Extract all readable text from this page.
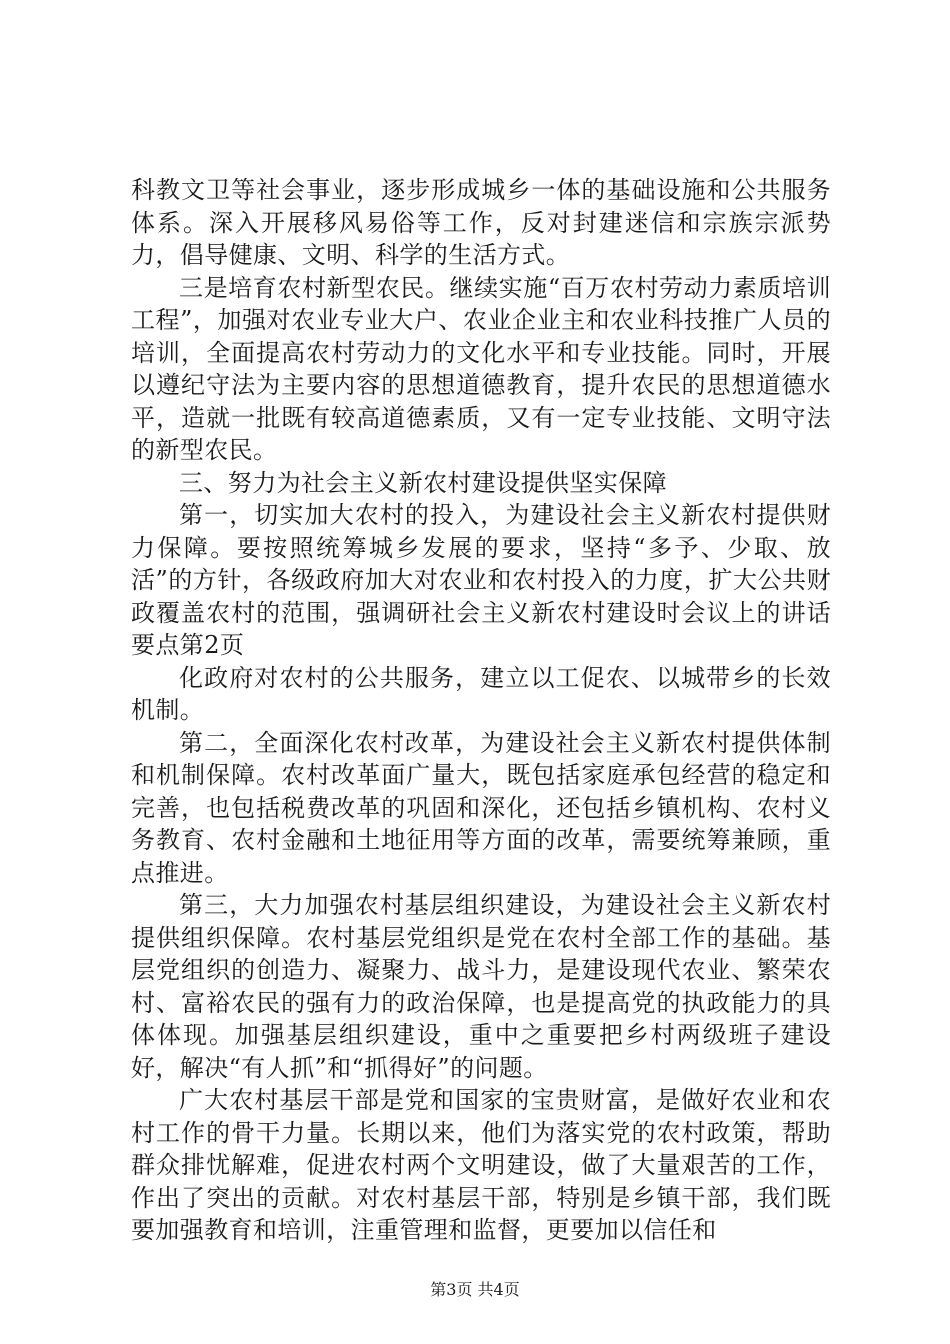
科教文卫等社会事业，逐步形成城乡一体的基础设施和公共服务体系。深入开展移风易俗等工作，反对封建迷信和宗族宗派势力，倡导健康、文明、科学的生活方式。

三是培育农村新型农民。继续实施“百万农村劳动力素质培训工程”，加强对农业专业大户、农业企业主和农业科技推广人员的培训，全面提高农村劳动力的文化水平和专业技能。同时，开展以遵纪守法为主要内容的思想道德教育，提升农民的思想道德水平，造就一批既有较高道德素质，又有一定专业技能、文明守法的新型农民。

三、努力为社会主义新农村建设提供坚实保障

第一，切实加大农村的投入，为建设社会主义新农村提供财力保障。要按照统筹城乡发展的要求，坚持“多予、少取、放活”的方针，各级政府加大对农业和农村投入的力度，扩大公共财政覆盖农村的范围，强调研社会主义新农村建设时会议上的讲话要点第2页

化政府对农村的公共服务，建立以工促农、以城带乡的长效机制。

第二，全面深化农村改革，为建设社会主义新农村提供体制和机制保障。农村改革面广量大，既包括家庭承包经营的稳定和完善，也包括税费改革的巩固和深化，还包括乡镇机构、农村义务教育、农村金融和土地征用等方面的改革，需要统筹兼顾，重点推进。

第三，大力加强农村基层组织建设，为建设社会主义新农村提供组织保障。农村基层党组织是党在农村全部工作的基础。基层党组织的创造力、凝聚力、战斗力，是建设现代农业、繁荣农村、富裕农民的强有力的政治保障，也是提高党的执政能力的具体体现。加强基层组织建设，重中之重要把乡村两级班子建设好，解决“有人抓”和“抓得好”的问题。

广大农村基层干部是党和国家的宝贵财富，是做好农业和农村工作的骨干力量。长期以来，他们为落实党的农村政策，帮助群众排忧解难，促进农村两个文明建设，做了大量艰苦的工作，作出了突出的贡献。对农村基层干部，特别是乡镇干部，我们既要加强教育和培训，注重管理和监督，更要加以信任和

第3页 共4页
